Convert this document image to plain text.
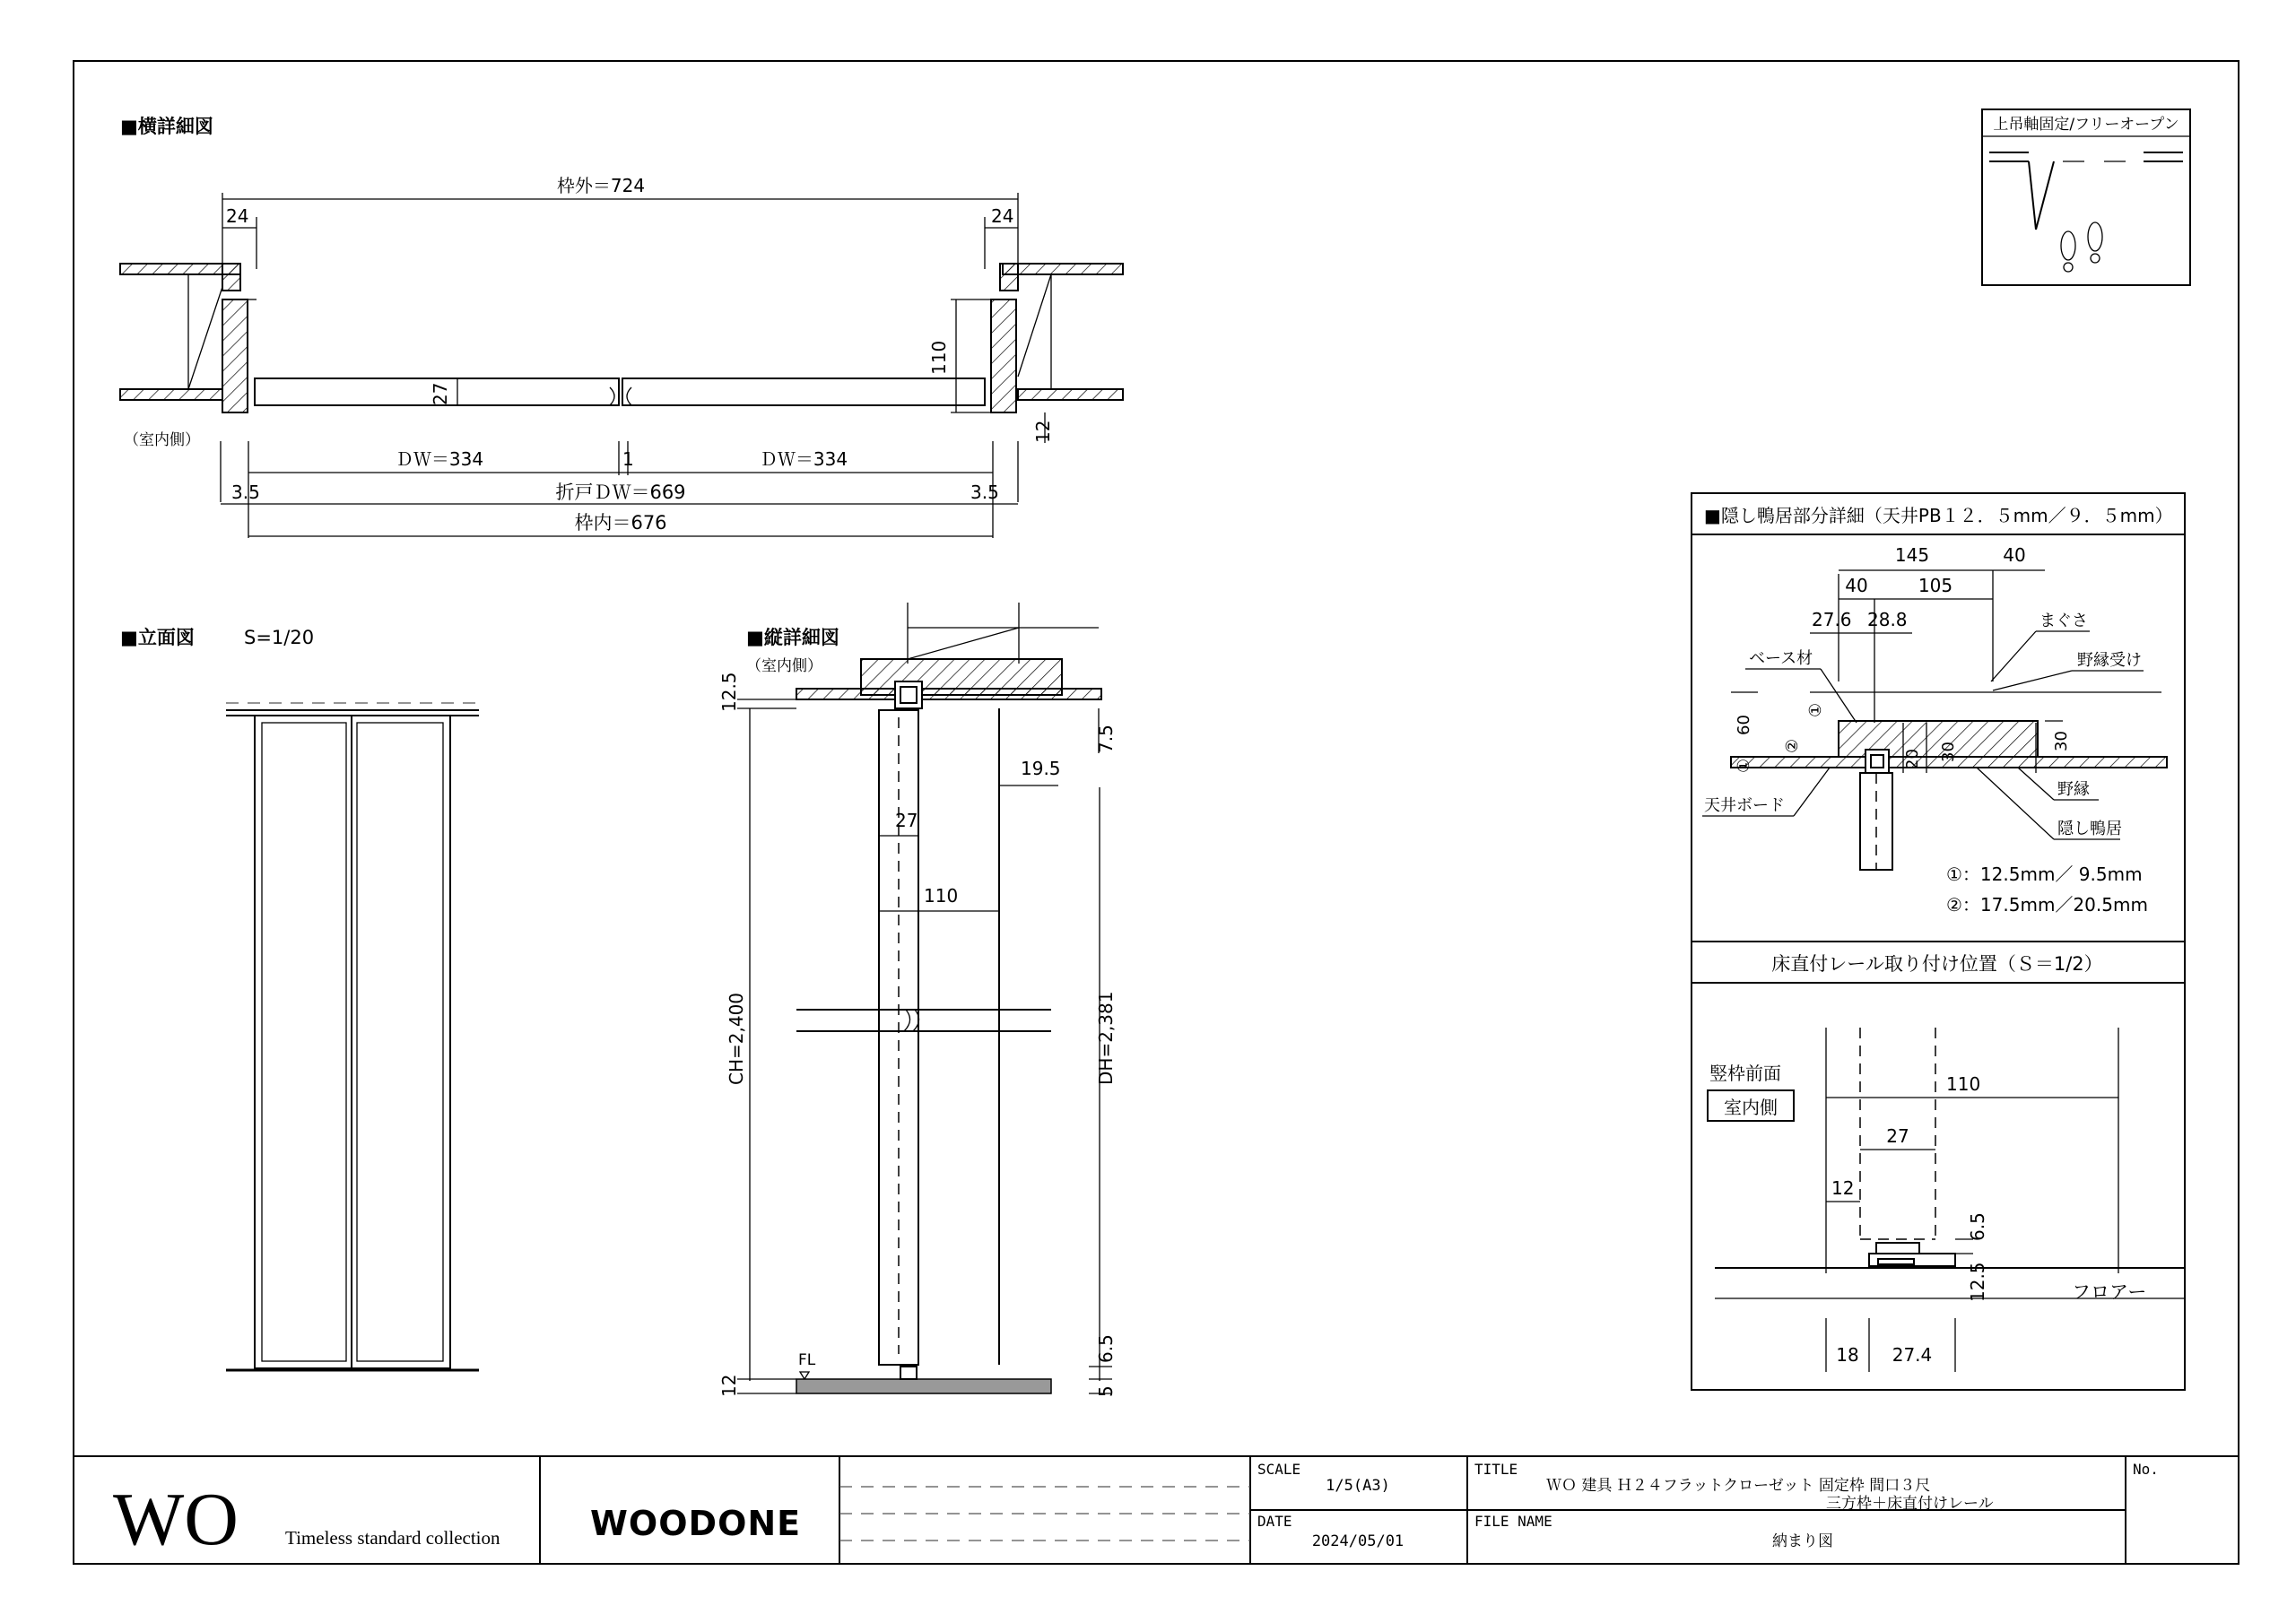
■横詳細図
枠外＝724
24	24
27
110
12
（室内側）
ＤＷ＝334	1	ＤＷ＝334
3.5	3.5
折戸ＤＷ＝669
枠内＝676
■立面図	S=1/20	■縦詳細図
（室内側）
12.5
19.5
7.5
27
110
CH=2,400	DH=2,381
FL
12
6.5
5
上吊軸固定/フリーオープン
■隠し鴨居部分詳細（天井PB１２．５mm／９．５mm）
145	40
40	105
27.6 28.8	まぐさ
ベース材	野縁受け
20 30
30
60
①
①
②
天井ボード
野縁
隠し鴨居
①：12.5mm／ 9.5mm
②：17.5mm／20.5mm
床直付レール取り付け位置（Ｓ＝1/2）
竪枠前面
室内側
110
27
12
6.5
12.5	フロアー
18 27.4
WO Timeless standard collection	WOODONE
SCALE
1/5(A3)
DATE
2024/05/01
TITLE
ＷＯ 建具 Ｈ２４フラットクローゼット 固定枠 間口３尺
三方枠＋床直付けレール
FILE NAME
納まり図
No.
